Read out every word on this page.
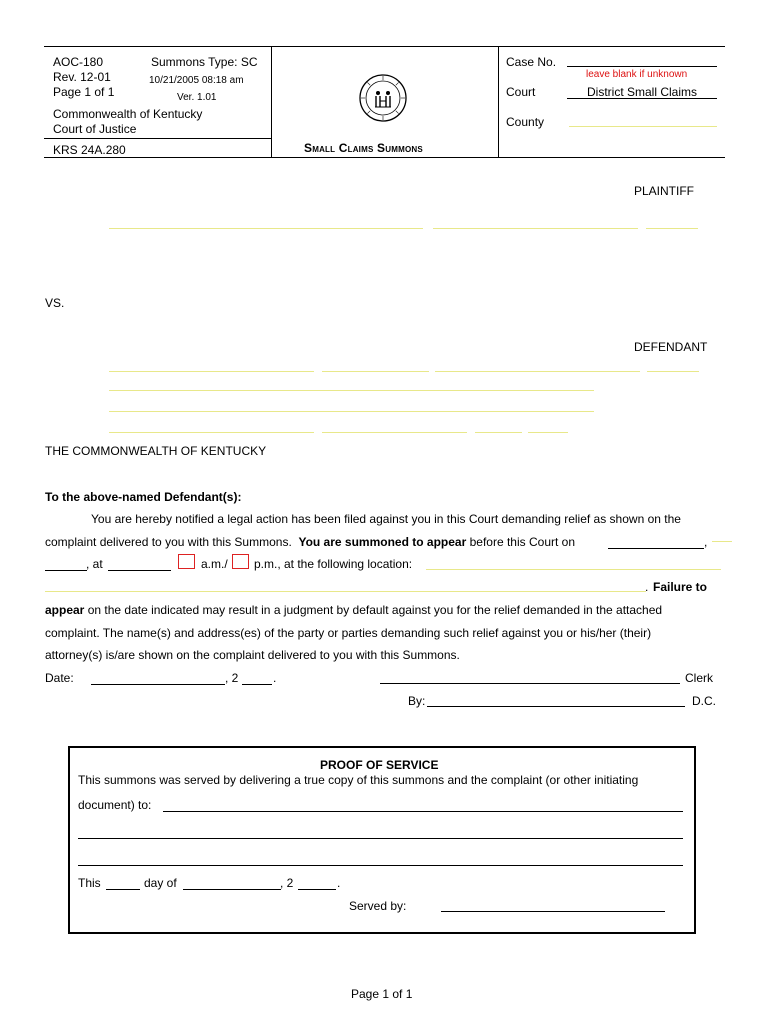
AOC-180
Rev. 12-01
Page 1 of 1
Summons Type: SC
10/21/2005 08:18 am
Ver. 1.01
Commonwealth of Kentucky
Court of Justice
KRS 24A.280	Small Claims Summons
Case No.
leave blank if unknown
Court	District Small Claims
County
PLAINTIFF
VS.
DEFENDANT
THE COMMONWEALTH OF KENTUCKY
To the above-named Defendant(s):
You are hereby notified a legal action has been filed against you in this Court demanding relief as shown on the
complaint delivered to you with this Summons. You are summoned to appear before this Court on	,
, at	a.m./ p.m., at the following location:
. Failure to
appear on the date indicated may result in a judgment by default against you for the relief demanded in the attached
complaint. The name(s) and address(es) of the party or parties demanding such relief against you or his/her (their)
attorney(s) is/are shown on the complaint delivered to you with this Summons.
Date:	, 2	.	Clerk
By:	D.C.
PROOF OF SERVICE
This summons was served by delivering a true copy of this summons and the complaint (or other initiating
document) to:
This	day of	, 2	.
Served by:
Page 1 of 1
